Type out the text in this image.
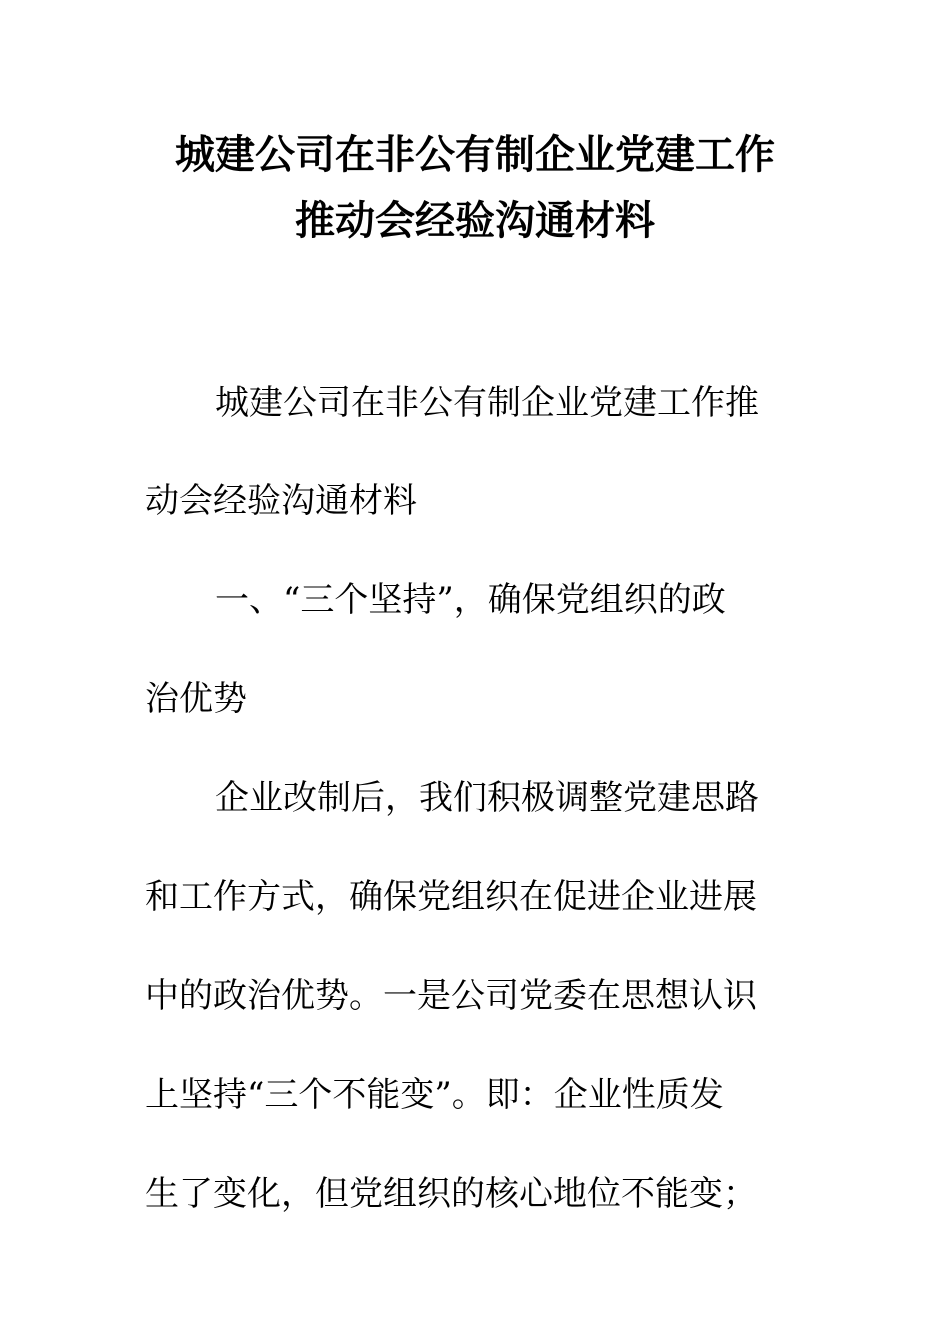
城建公司在非公有制企业党建工作
推动会经验沟通材料

城建公司在非公有制企业党建工作推

动会经验沟通材料

一、“三个坚持”，确保党组织的政

治优势

企业改制后，我们积极调整党建思路

和工作方式，确保党组织在促进企业进展

中的政治优势。一是公司党委在思想认识

上坚持“三个不能变”。即：企业性质发

生了变化，但党组织的核心地位不能变；
